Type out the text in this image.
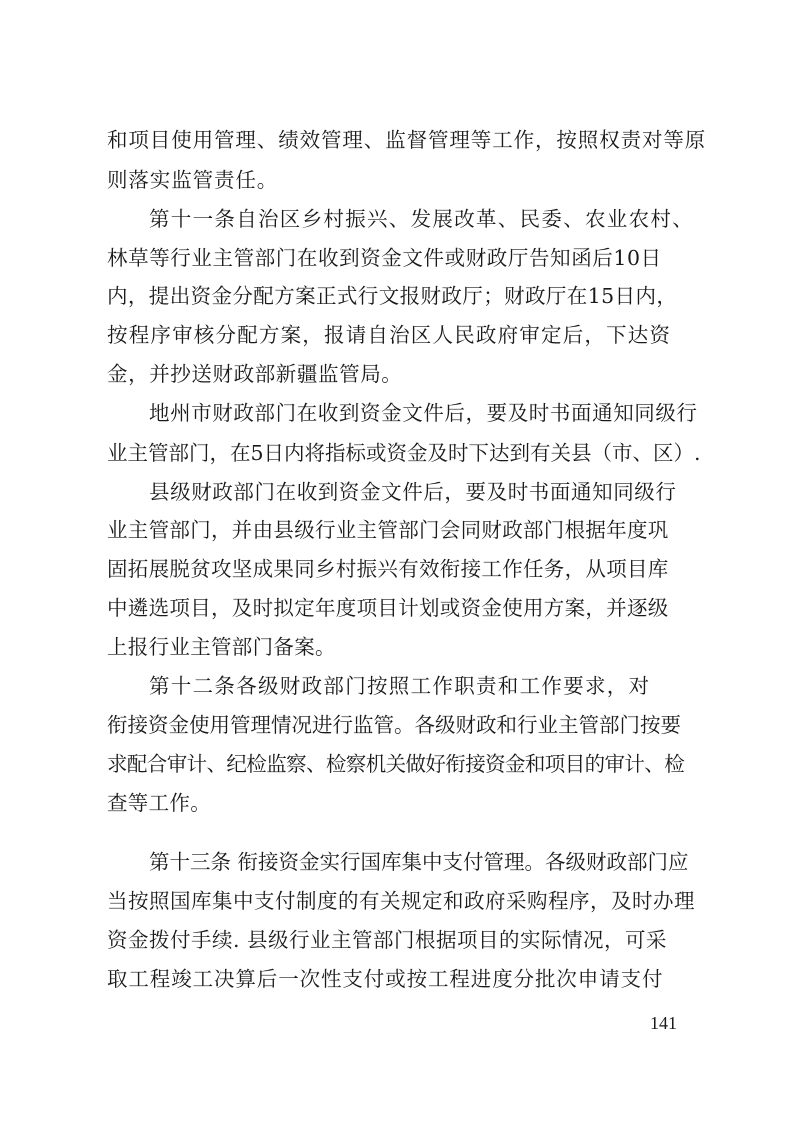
和项目使用管理、绩效管理、监督管理等工作，按照权责对等原
则落实监管责任。
第十一条自治区乡村振兴、发展改革、民委、农业农村、
林草等行业主管部门在收到资金文件或财政厅告知函后10日
内，提出资金分配方案正式行文报财政厅；财政厅在15日内，
按程序审核分配方案，报请自治区人民政府审定后，下达资
金，并抄送财政部新疆监管局。
地州市财政部门在收到资金文件后，要及时书面通知同级行
业主管部门，在5日内将指标或资金及时下达到有关县（市、区）.
县级财政部门在收到资金文件后，要及时书面通知同级行
业主管部门，并由县级行业主管部门会同财政部门根据年度巩
固拓展脱贫攻坚成果同乡村振兴有效衔接工作任务，从项目库
中遴选项目，及时拟定年度项目计划或资金使用方案，并逐级
上报行业主管部门备案。
第十二条各级财政部门按照工作职责和工作要求，对
衔接资金使用管理情况进行监管。各级财政和行业主管部门按要
求配合审计、纪检监察、检察机关做好衔接资金和项目的审计、检
查等工作。
第十三条 衔接资金实行国库集中支付管理。各级财政部门应
当按照国库集中支付制度的有关规定和政府采购程序，及时办理
资金拨付手续. 县级行业主管部门根据项目的实际情况，可采
取工程竣工决算后一次性支付或按工程进度分批次申请支付
141
